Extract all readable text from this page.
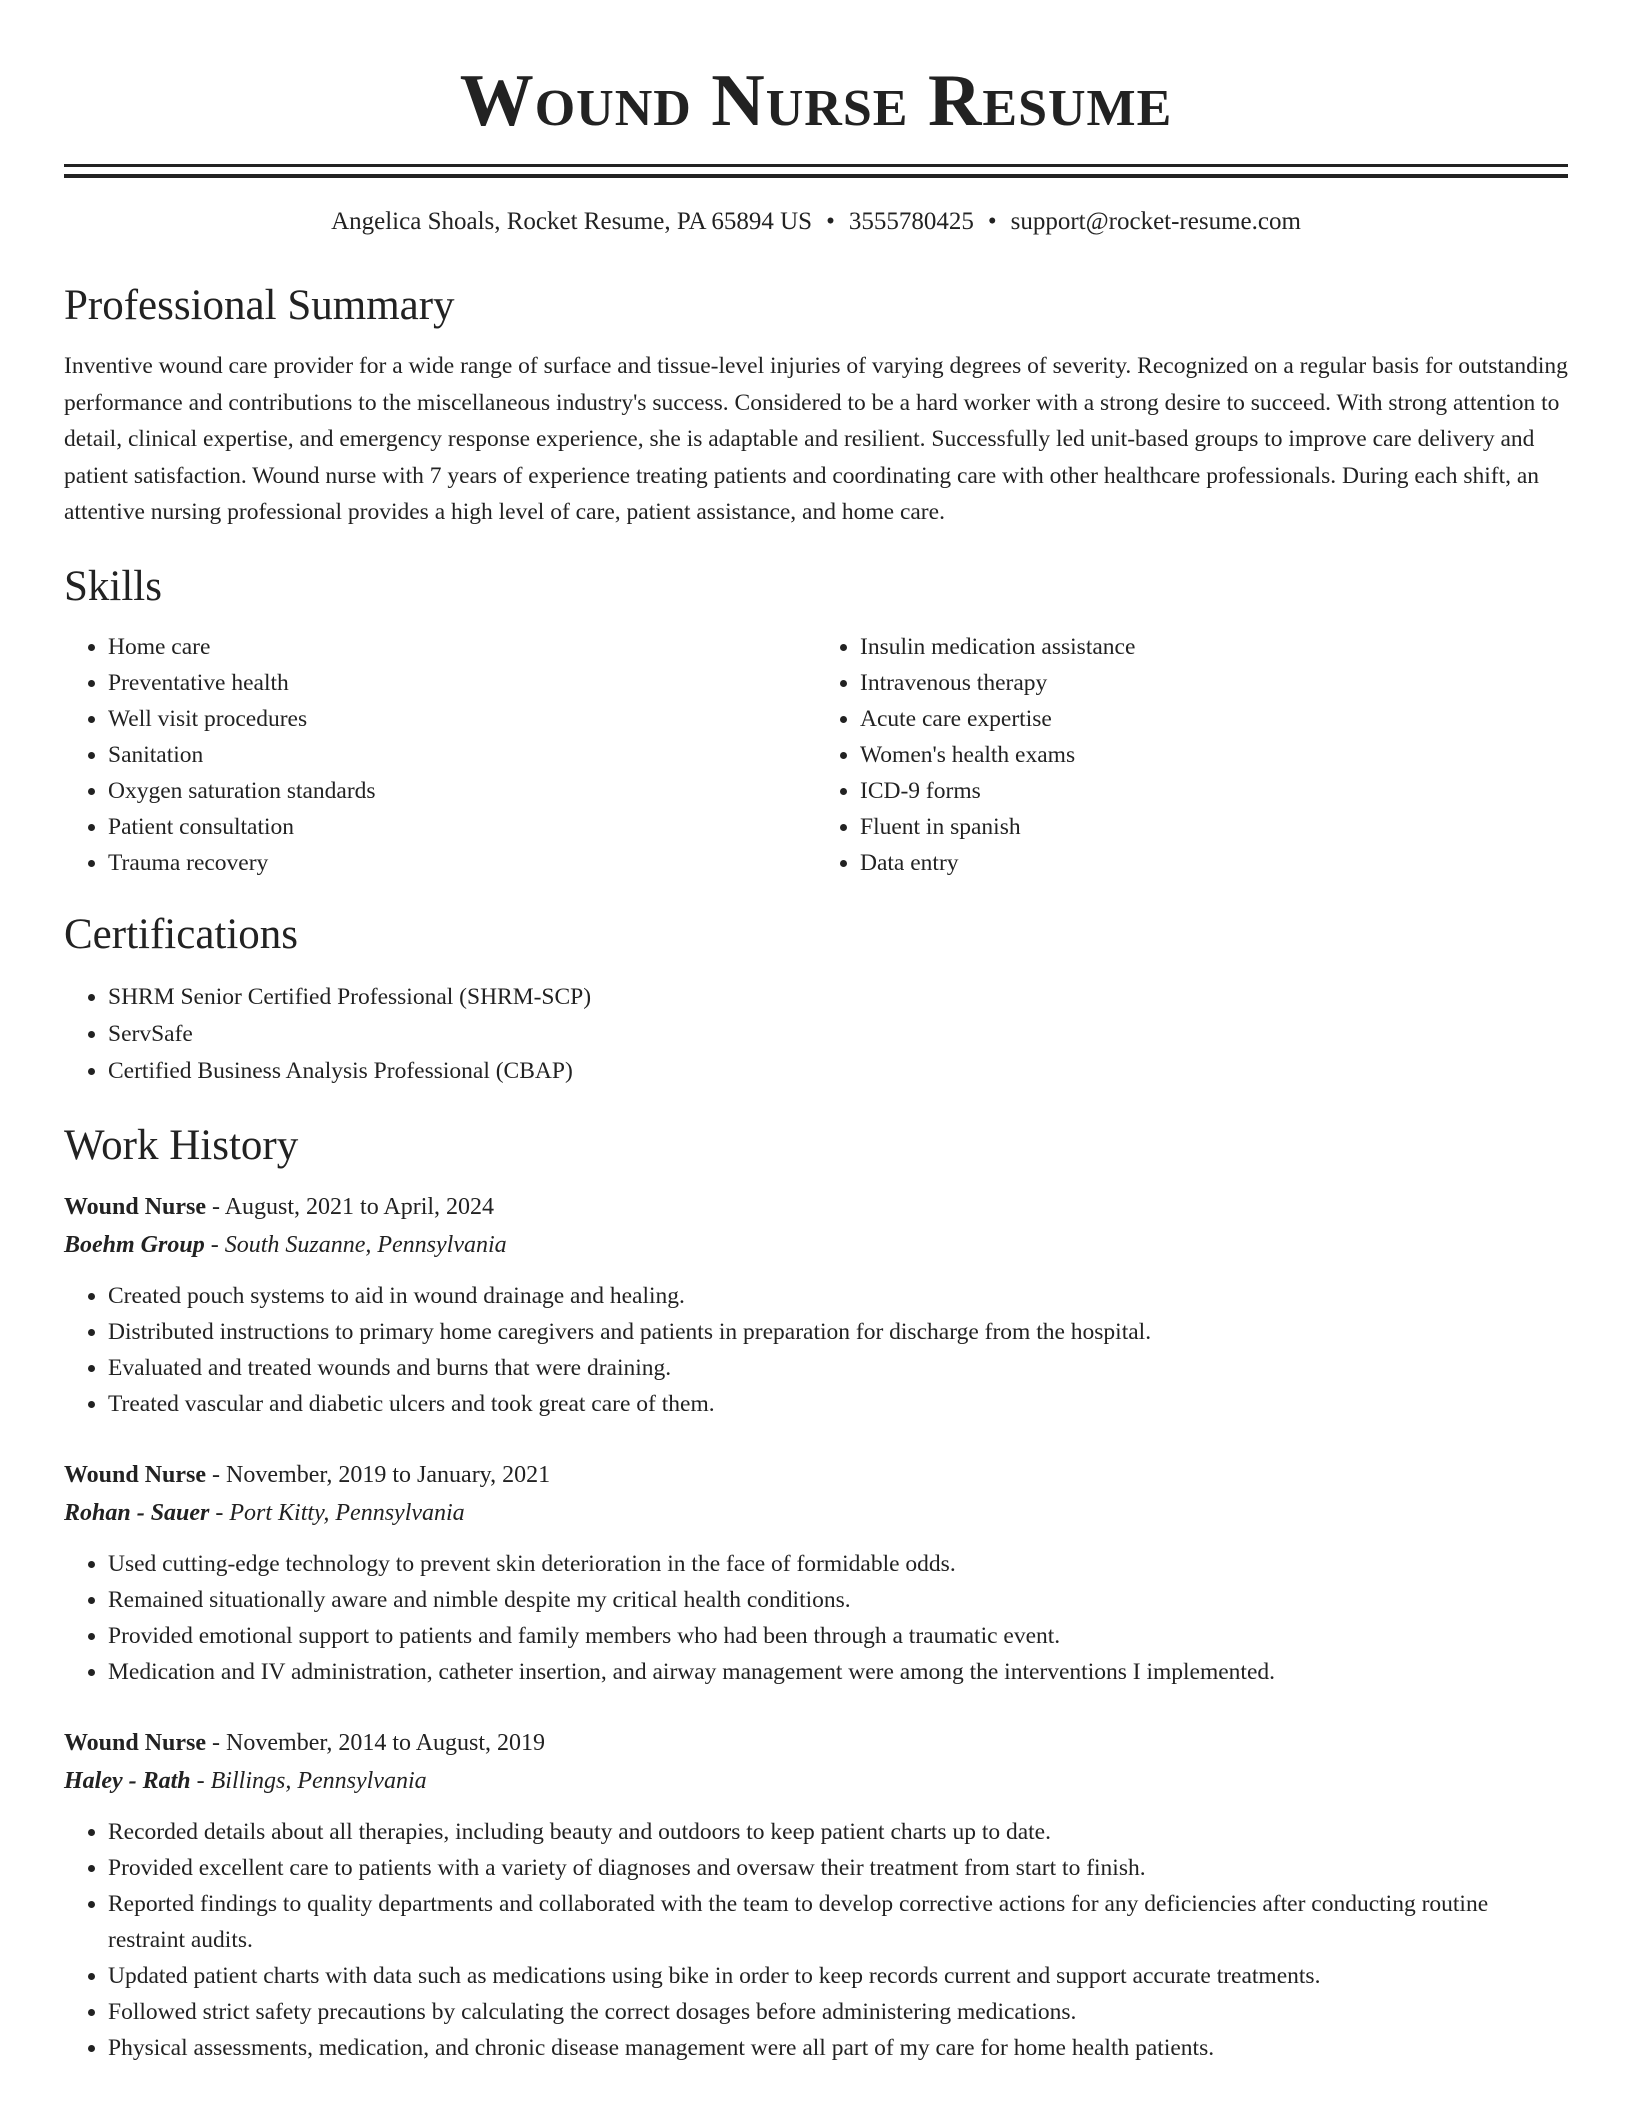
Wound Nurse Resume
Angelica Shoals, Rocket Resume, PA 65894 US • 3555780425 • support@rocket-resume.com
Professional Summary

Inventive wound care provider for a wide range of surface and tissue-level injuries of varying degrees of severity. Recognized on a regular basis for outstanding performance and contributions to the miscellaneous industry's success. Considered to be a hard worker with a strong desire to succeed. With strong attention to detail, clinical expertise, and emergency response experience, she is adaptable and resilient. Successfully led unit-based groups to improve care delivery and patient satisfaction. Wound nurse with 7 years of experience treating patients and coordinating care with other healthcare professionals. During each shift, an attentive nursing professional provides a high level of care, patient assistance, and home care.

Skills
• Home care
• Preventative health
• Well visit procedures
• Sanitation
• Oxygen saturation standards
• Patient consultation
• Trauma recovery
• Insulin medication assistance
• Intravenous therapy
• Acute care expertise
• Women's health exams
• ICD-9 forms
• Fluent in spanish
• Data entry
Certifications
• SHRM Senior Certified Professional (SHRM-SCP)
• ServSafe
• Certified Business Analysis Professional (CBAP)
Work History
Wound Nurse - August, 2021 to April, 2024
Boehm Group - South Suzanne, Pennsylvania
• Created pouch systems to aid in wound drainage and healing.
• Distributed instructions to primary home caregivers and patients in preparation for discharge from the hospital.
• Evaluated and treated wounds and burns that were draining.
• Treated vascular and diabetic ulcers and took great care of them.
Wound Nurse - November, 2019 to January, 2021
Rohan - Sauer - Port Kitty, Pennsylvania
• Used cutting-edge technology to prevent skin deterioration in the face of formidable odds.
• Remained situationally aware and nimble despite my critical health conditions.
• Provided emotional support to patients and family members who had been through a traumatic event.
• Medication and IV administration, catheter insertion, and airway management were among the interventions I implemented.
Wound Nurse - November, 2014 to August, 2019
Haley - Rath - Billings, Pennsylvania
• Recorded details about all therapies, including beauty and outdoors to keep patient charts up to date.
• Provided excellent care to patients with a variety of diagnoses and oversaw their treatment from start to finish.
• Reported findings to quality departments and collaborated with the team to develop corrective actions for any deficiencies after conducting routine restraint audits.
• Updated patient charts with data such as medications using bike in order to keep records current and support accurate treatments.
• Followed strict safety precautions by calculating the correct dosages before administering medications.
• Physical assessments, medication, and chronic disease management were all part of my care for home health patients.
